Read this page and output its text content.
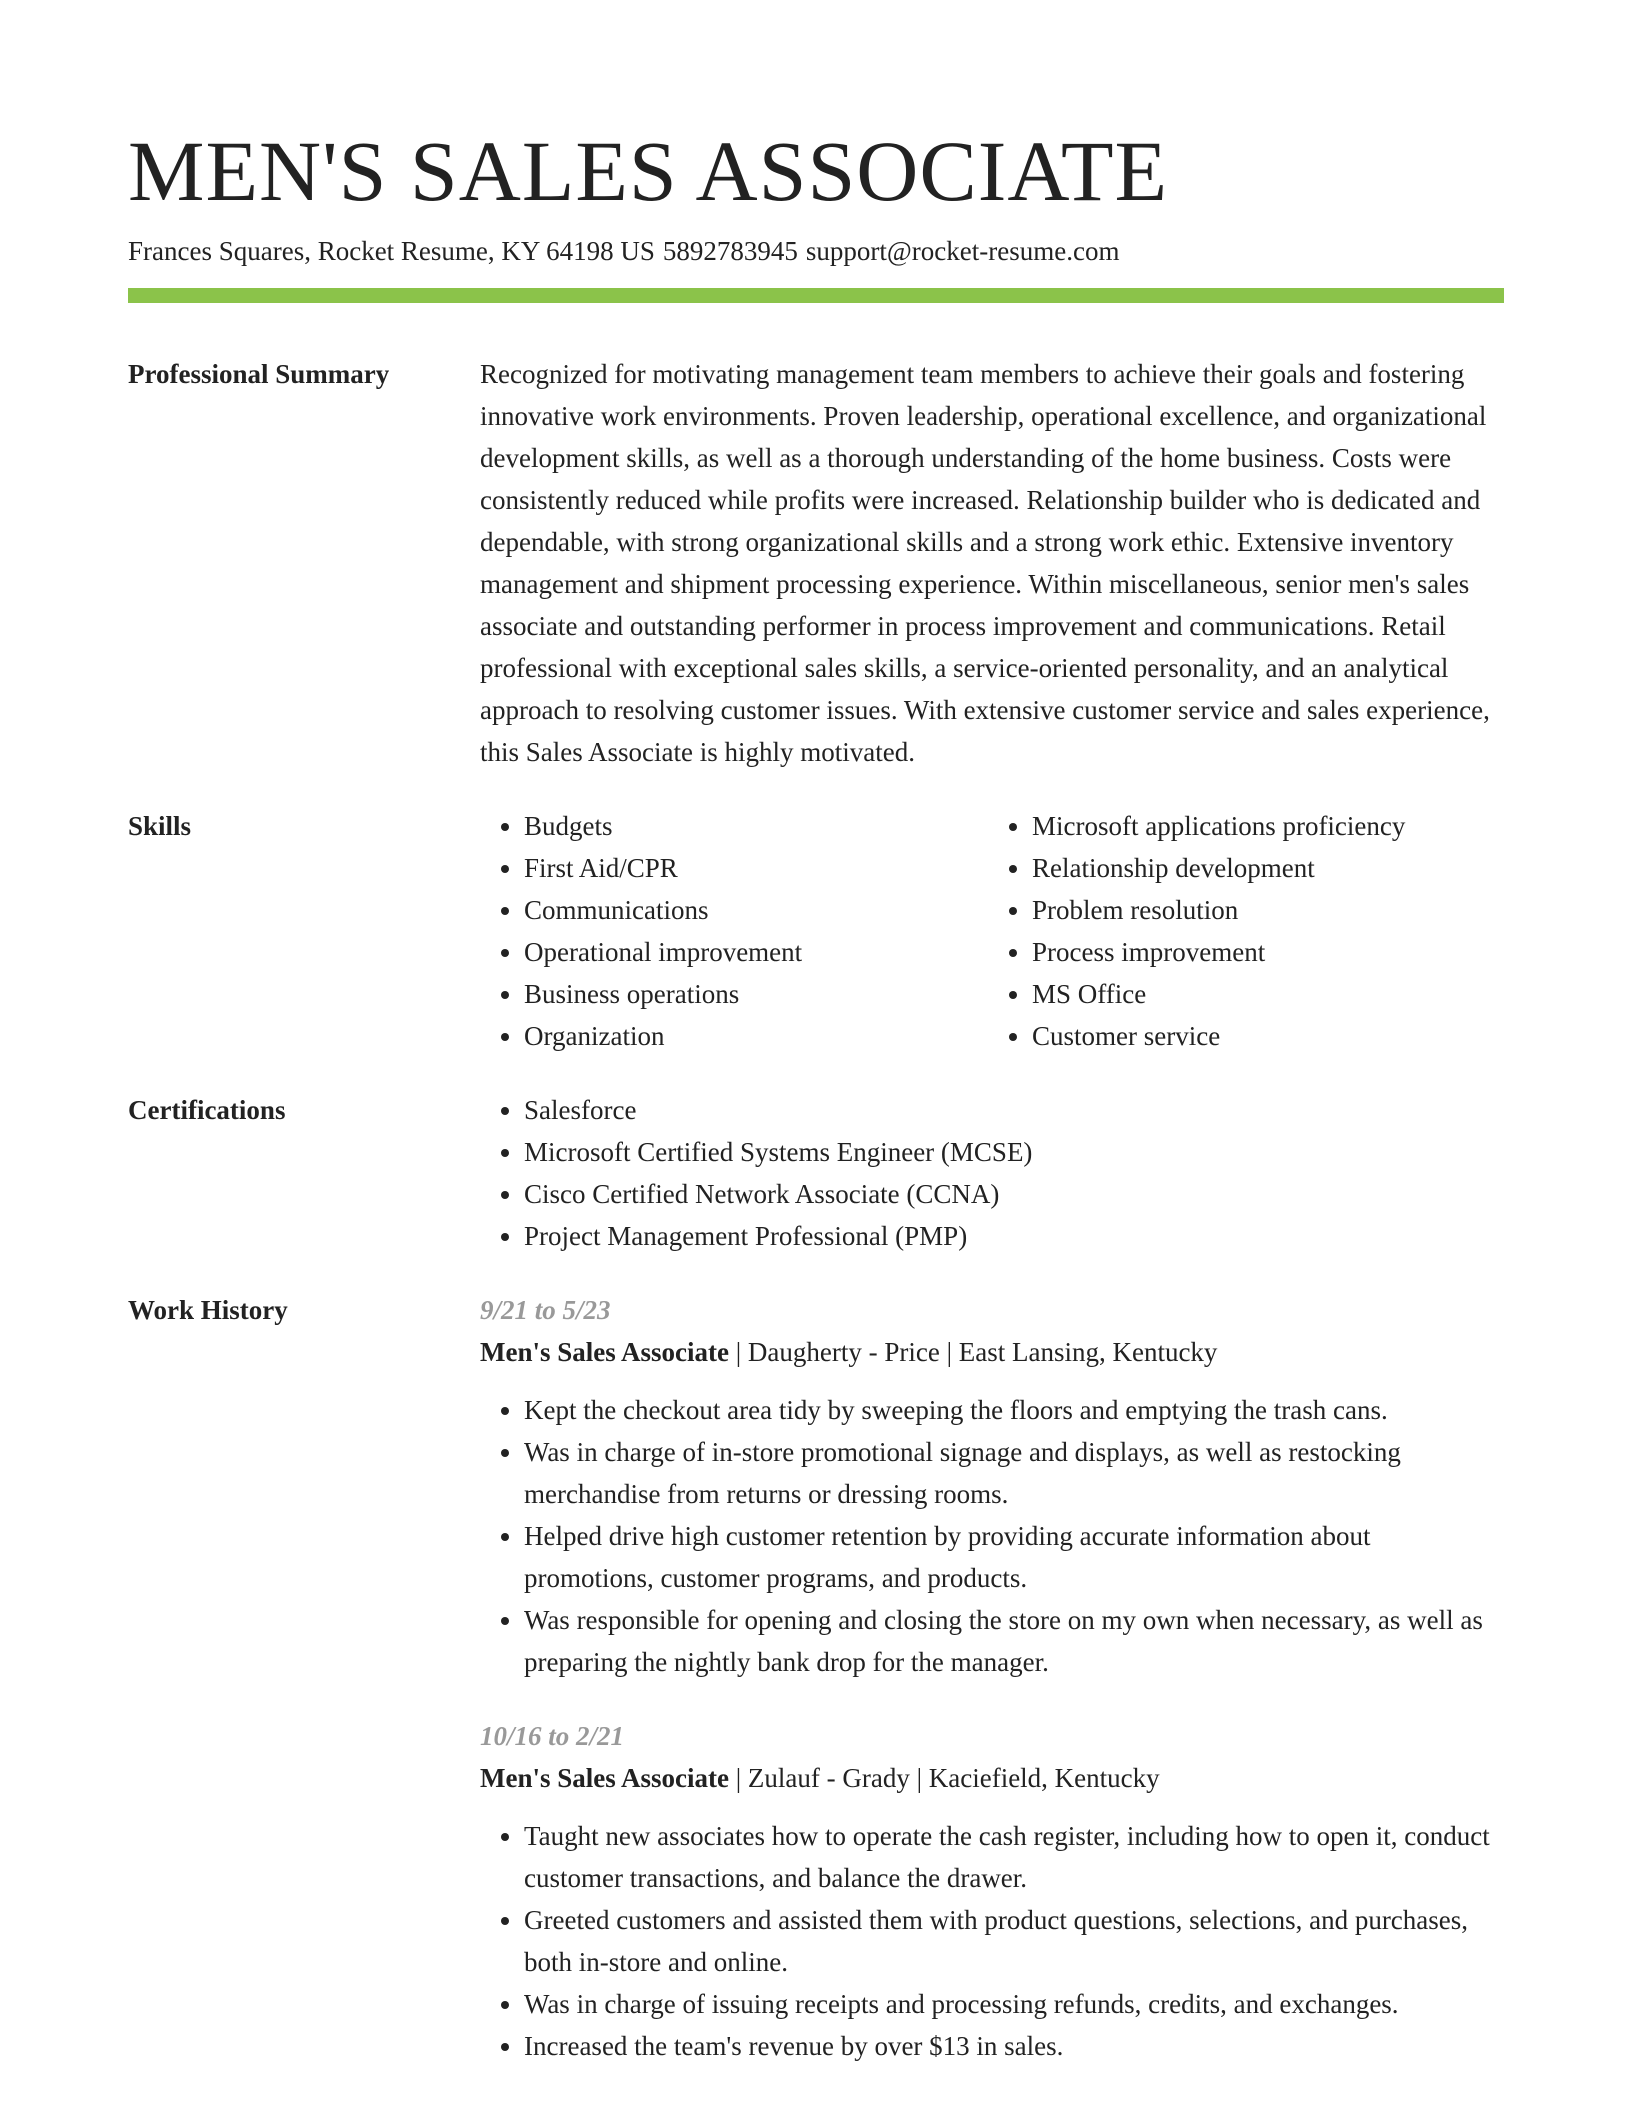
MEN'S SALES ASSOCIATE
Frances Squares, Rocket Resume, KY 64198 US 5892783945 support@rocket-resume.com
Professional Summary	Recognized for motivating management team members to achieve their goals and fostering innovative work environments. Proven leadership, operational excellence, and organizational development skills, as well as a thorough understanding of the home business. Costs were consistently reduced while profits were increased. Relationship builder who is dedicated and dependable, with strong organizational skills and a strong work ethic. Extensive inventory management and shipment processing experience. Within miscellaneous, senior men's sales associate and outstanding performer in process improvement and communications. Retail professional with exceptional sales skills, a service-oriented personality, and an analytical approach to resolving customer issues. With extensive customer service and sales experience, this Sales Associate is highly motivated.

Skills	• Budgets
• First Aid/CPR
• Communications
• Operational improvement
• Business operations
• Organization
• Microsoft applications proficiency
• Relationship development
• Problem resolution
• Process improvement
• MS Office
• Customer service
Certifications	• Salesforce
• Microsoft Certified Systems Engineer (MCSE)
• Cisco Certified Network Associate (CCNA)
• Project Management Professional (PMP)
Work History	9/21 to 5/23
Men's Sales Associate | Daugherty - Price | East Lansing, Kentucky
• Kept the checkout area tidy by sweeping the floors and emptying the trash cans.
• Was in charge of in-store promotional signage and displays, as well as restocking merchandise from returns or dressing rooms.
• Helped drive high customer retention by providing accurate information about promotions, customer programs, and products.
• Was responsible for opening and closing the store on my own when necessary, as well as preparing the nightly bank drop for the manager.
10/16 to 2/21
Men's Sales Associate | Zulauf - Grady | Kaciefield, Kentucky
• Taught new associates how to operate the cash register, including how to open it, conduct customer transactions, and balance the drawer.
• Greeted customers and assisted them with product questions, selections, and purchases, both in-store and online.
• Was in charge of issuing receipts and processing refunds, credits, and exchanges.
• Increased the team's revenue by over $13 in sales.
